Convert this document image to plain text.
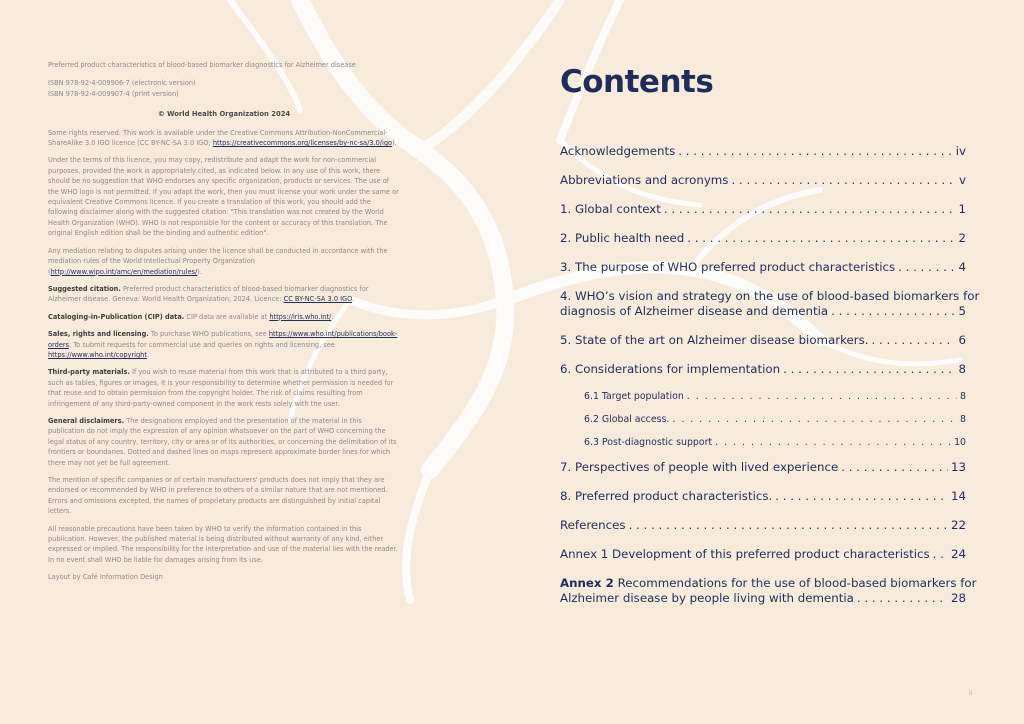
Preferred product characteristics of blood-based biomarker diagnostics for Alzheimer disease

ISBN 978-92-4-009906-7 (electronic version)

ISBN 978-92-4-009907-4 (print version)

© World Health Organization 2024

Some rights reserved. This work is available under the Creative Commons Attribution-NonCommercial-ShareAlike 3.0 IGO licence (CC BY-NC-SA 3.0 IGO; https://creativecommons.org/licenses/by-nc-sa/3.0/igo).

Under the terms of this licence, you may copy, redistribute and adapt the work for non-commercial purposes, provided the work is appropriately cited, as indicated below. In any use of this work, there should be no suggestion that WHO endorses any specific organization, products or services. The use of the WHO logo is not permitted. If you adapt the work, then you must license your work under the same or equivalent Creative Commons licence. If you create a translation of this work, you should add the following disclaimer along with the suggested citation: "This translation was not created by the World Health Organization (WHO). WHO is not responsible for the content or accuracy of this translation. The original English edition shall be the binding and authentic edition".

Any mediation relating to disputes arising under the licence shall be conducted in accordance with the mediation rules of the World Intellectual Property Organization (http://www.wipo.int/amc/en/mediation/rules/).

Suggested citation. Preferred product characteristics of blood-based biomarker diagnostics for Alzheimer disease. Geneva: World Health Organization; 2024. Licence: CC BY-NC-SA 3.0 IGO.

Cataloging-in-Publication (CIP) data. CIP data are available at https://iris.who.int/.

Sales, rights and licensing. To purchase WHO publications, see https://www.who.int/publications/book-orders. To submit requests for commercial use and queries on rights and licensing, see https://www.who.int/copyright.

Third-party materials. If you wish to reuse material from this work that is attributed to a third party, such as tables, figures or images, it is your responsibility to determine whether permission is needed for that reuse and to obtain permission from the copyright holder. The risk of claims resulting from infringement of any third-party-owned component in the work rests solely with the user.

General disclaimers. The designations employed and the presentation of the material in this publication do not imply the expression of any opinion whatsoever on the part of WHO concerning the legal status of any country, territory, city or area or of its authorities, or concerning the delimitation of its frontiers or boundaries. Dotted and dashed lines on maps represent approximate border lines for which there may not yet be full agreement.

The mention of specific companies or of certain manufacturers' products does not imply that they are endorsed or recommended by WHO in preference to others of a similar nature that are not mentioned. Errors and omissions excepted, the names of proprietary products are distinguished by initial capital letters.

All reasonable precautions have been taken by WHO to verify the information contained in this publication. However, the published material is being distributed without warranty of any kind, either expressed or implied. The responsibility for the interpretation and use of the material lies with the reader. In no event shall WHO be liable for damages arising from its use.

Layout by Café Information Design

Contents
Acknowledgements . . .	iv
Abbreviations and acronyms . . .	v
1. Global context . . .	1
2. Public health need . . .	2
3. The purpose of WHO preferred product characteristics . . .	4
4. WHO’s vision and strategy on the use of blood-based biomarkers for
diagnosis of Alzheimer disease and dementia . . .	5
5. State of the art on Alzheimer disease biomarkers. . . .	6
6. Considerations for implementation . . .	8
6.1 Target population . . .	8
6.2 Global access. . . .	8
6.3 Post-diagnostic support . . .	10
7. Perspectives of people with lived experience . . .	13
8. Preferred product characteristics. . . .	14
References . . .	22
Annex 1 Development of this preferred product characteristics . . . 24
Annex 2 Recommendations for the use of blood-based biomarkers for
Alzheimer disease by people living with dementia . . .	28
ii
